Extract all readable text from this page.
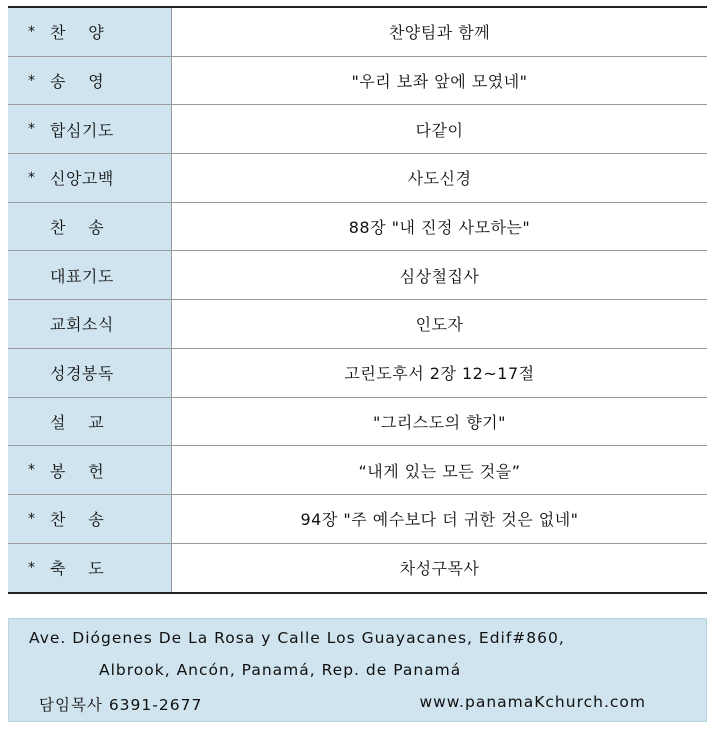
* 찬    양	찬양팀과 함께
* 송    영	"우리 보좌 앞에 모였네"
* 합심기도	다같이
* 신앙고백	사도신경
찬    송	88장 "내 진정 사모하는"
대표기도	심상철집사
교회소식	인도자
성경봉독	고린도후서 2장 12~17절
설    교	"그리스도의 향기"
* 봉    헌	“내게 있는 모든 것을”
* 찬    송	94장 "주 예수보다 더 귀한 것은 없네"
* 축    도	차성구목사
Ave. Diógenes De La Rosa y Calle Los Guayacanes, Edif#860,
Albrook, Ancón, Panamá, Rep. de Panamá
담임목사 6391-2677	www.panamaKchurch.com
